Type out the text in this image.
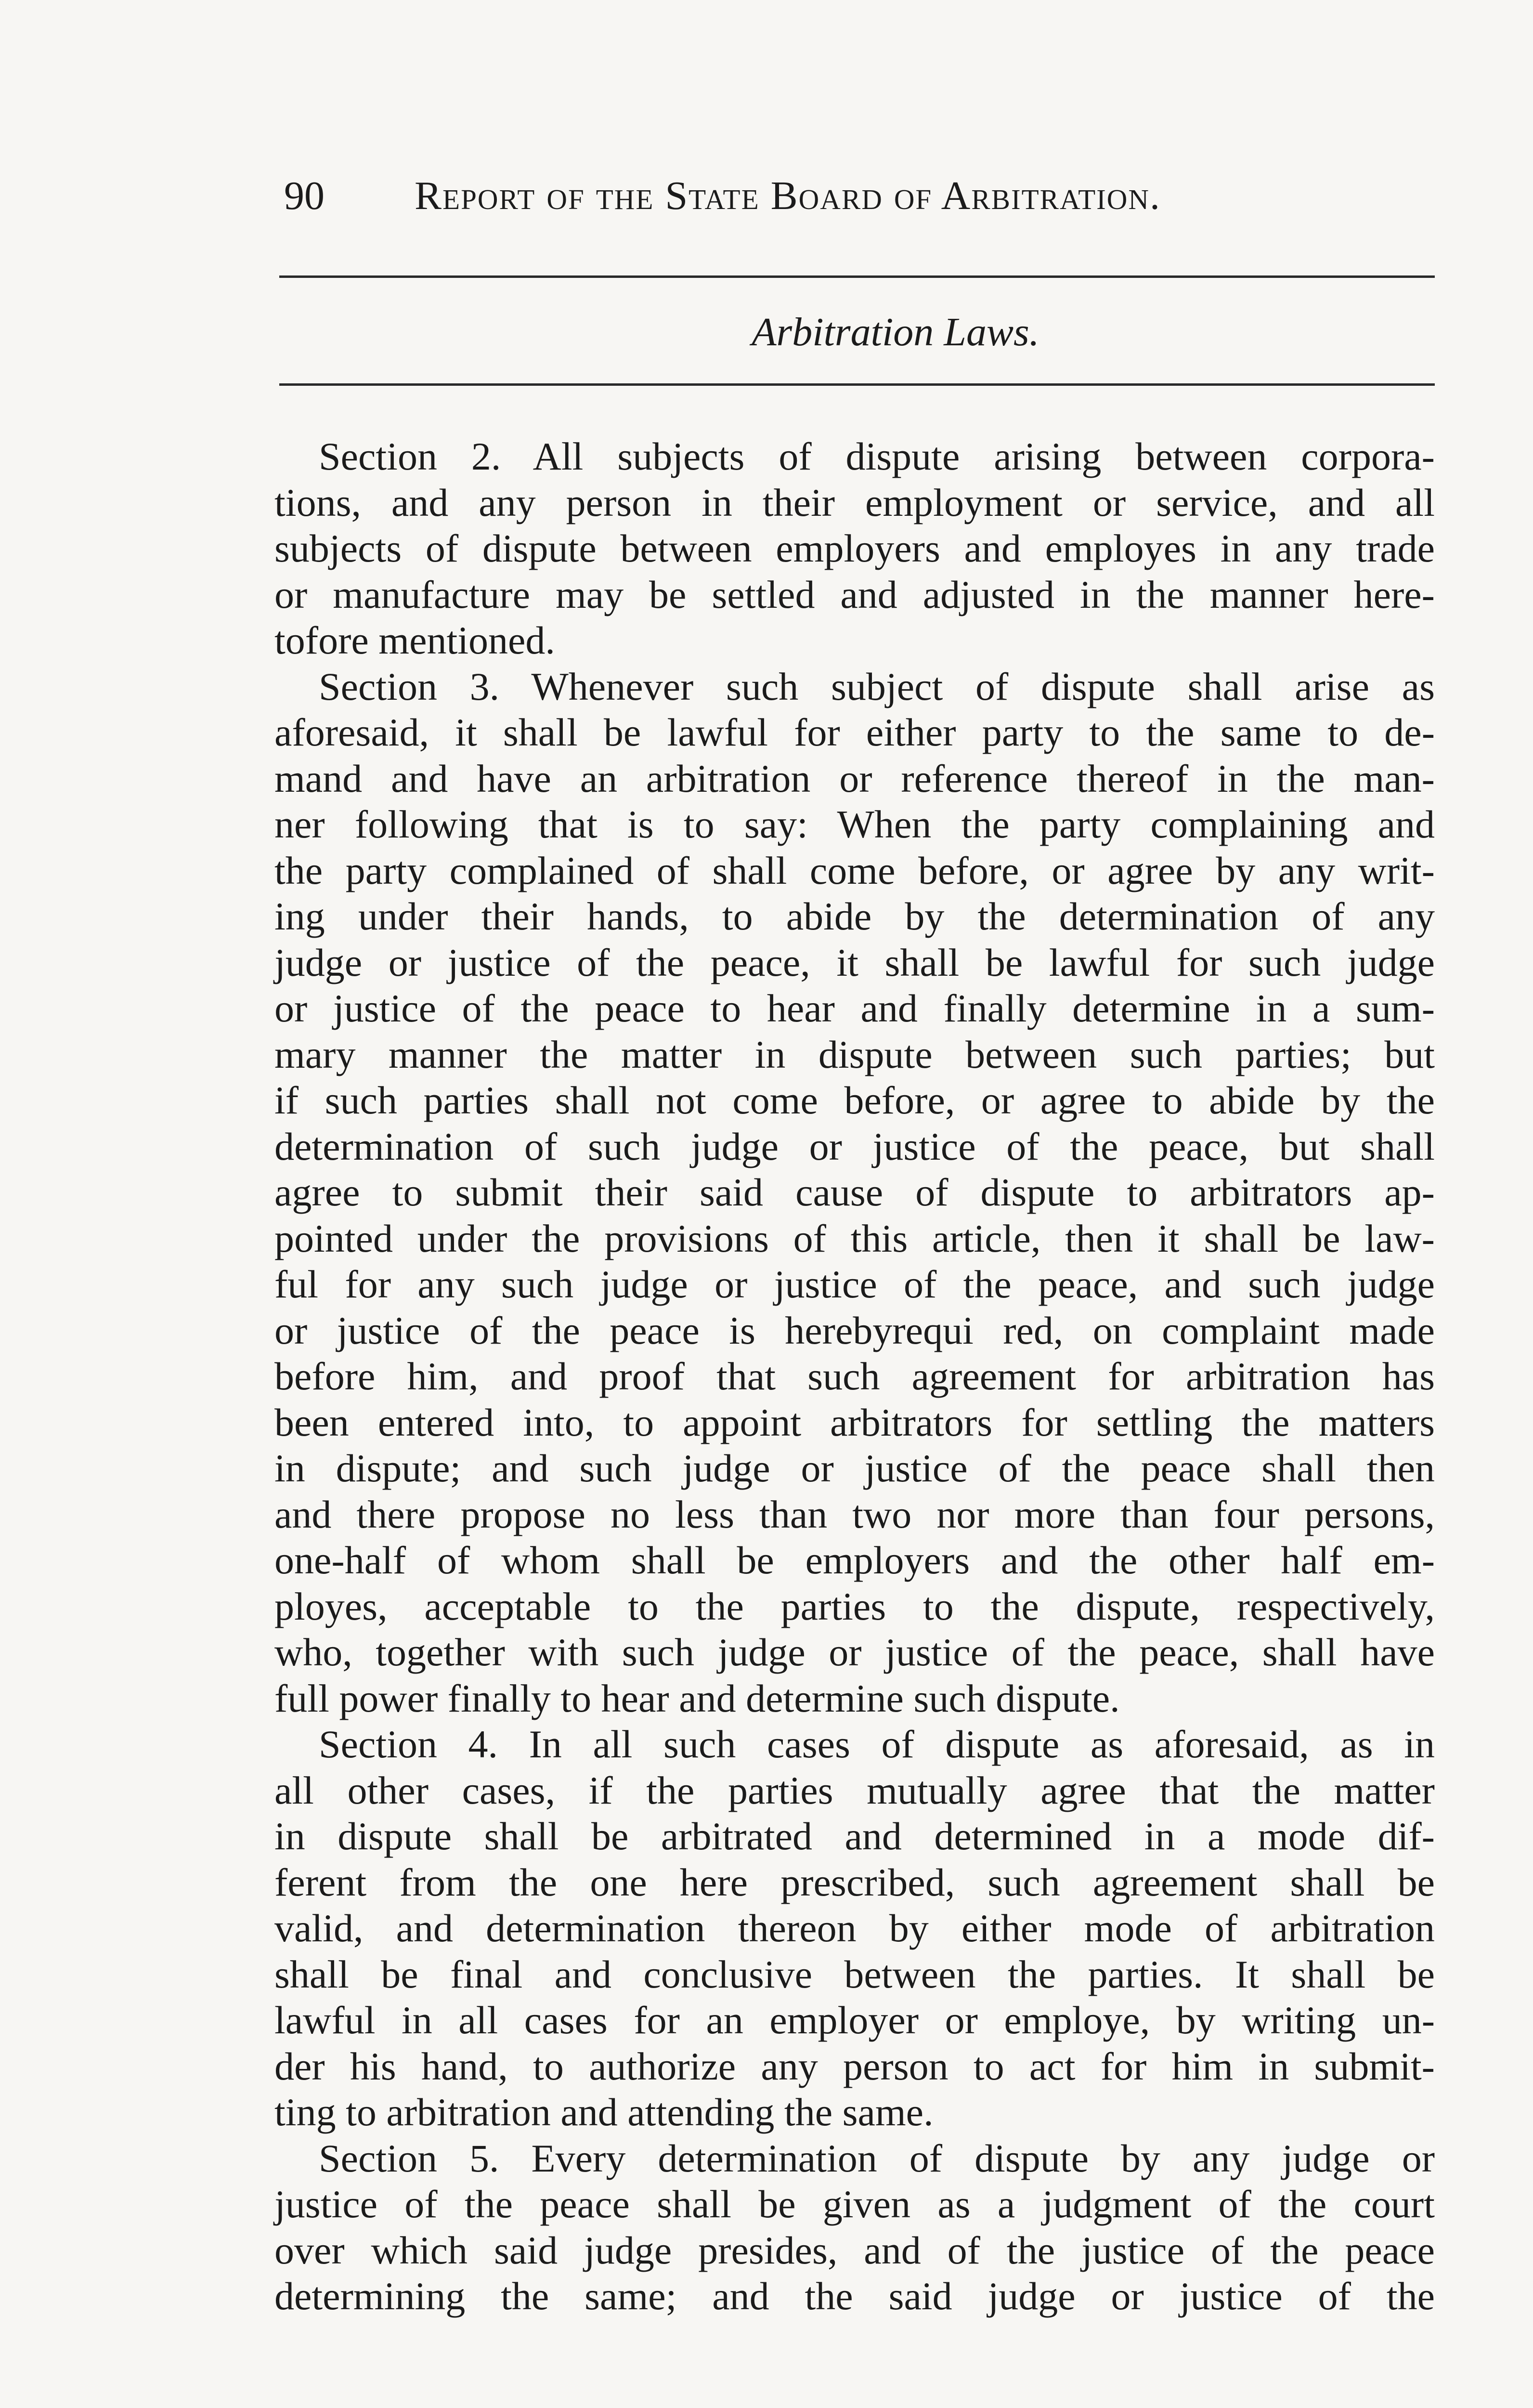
90 Report of the State Board of Arbitration.
Arbitration Laws.
Section 2. All subjects of dispute arising between corpora-
tions, and any person in their employment or service, and all
subjects of dispute between employers and employes in any trade
or manufacture may be settled and adjusted in the manner here-
tofore mentioned.
Section 3. Whenever such subject of dispute shall arise as
aforesaid, it shall be lawful for either party to the same to de-
mand and have an arbitration or reference thereof in the man-
ner following that is to say: When the party complaining and
the party complained of shall come before, or agree by any writ-
ing under their hands, to abide by the determination of any
judge or justice of the peace, it shall be lawful for such judge
or justice of the peace to hear and finally determine in a sum-
mary manner the matter in dispute between such parties; but
if such parties shall not come before, or agree to abide by the
determination of such judge or justice of the peace, but shall
agree to submit their said cause of dispute to arbitrators ap-
pointed under the provisions of this article, then it shall be law-
ful for any such judge or justice of the peace, and such judge
or justice of the peace is herebyrequi red, on complaint made
before him, and proof that such agreement for arbitration has
been entered into, to appoint arbitrators for settling the matters
in dispute; and such judge or justice of the peace shall then
and there propose no less than two nor more than four persons,
one-half of whom shall be employers and the other half em-
ployes, acceptable to the parties to the dispute, respectively,
who, together with such judge or justice of the peace, shall have
full power finally to hear and determine such dispute.
Section 4. In all such cases of dispute as aforesaid, as in
all other cases, if the parties mutually agree that the matter
in dispute shall be arbitrated and determined in a mode dif-
ferent from the one here prescribed, such agreement shall be
valid, and determination thereon by either mode of arbitration
shall be final and conclusive between the parties. It shall be
lawful in all cases for an employer or employe, by writing un-
der his hand, to authorize any person to act for him in submit-
ting to arbitration and attending the same.
Section 5. Every determination of dispute by any judge or
justice of the peace shall be given as a judgment of the court
over which said judge presides, and of the justice of the peace
determining the same; and the said judge or justice of the
